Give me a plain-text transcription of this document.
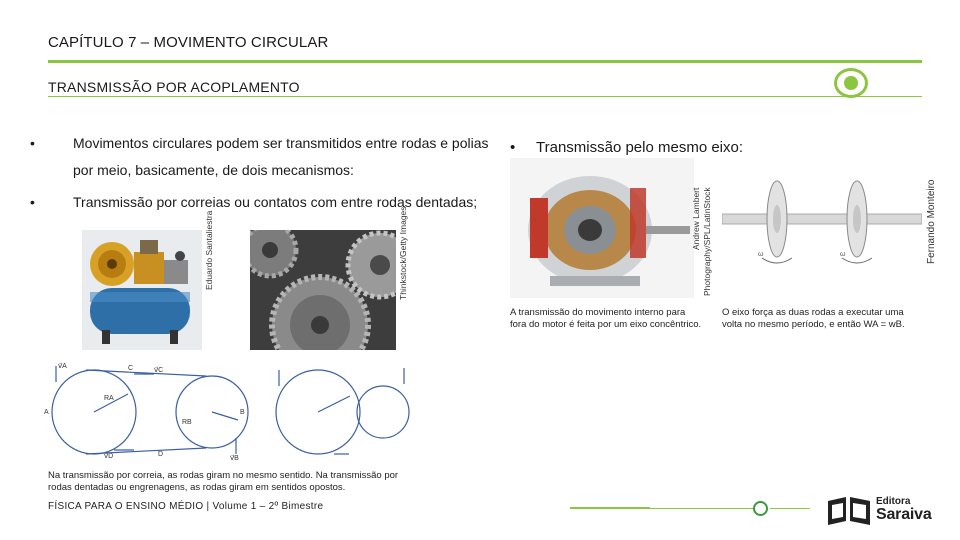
CAPÍTULO 7 – MOVIMENTO CIRCULAR
TRANSMISSÃO POR ACOPLAMENTO
•	Movimentos circulares podem ser transmitidos entre rodas e polias por meio, basicamente, de dois mecanismos:
•	Transmissão por correias ou contatos com entre rodas dentadas;
• Transmissão pelo mesmo eixo:
Eduardo Santaliestra	Thinkstock/Getty Images
v⃗A	C	v⃗C
A
RA
RB
B
v⃗D	D
v⃗B
Na transmissão por correia, as rodas giram no mesmo sentido. Na transmissão por rodas dentadas ou engrenagens, as rodas giram em sentidos opostos.
Andrew Lambert Photography/SPL/LatinStock	ω	ω	Fernando Monteiro
A transmissão do movimento interno para fora do motor é feita por um eixo concêntrico.
O eixo força as duas rodas a executar uma volta no mesmo período, e então WA = wB.
FÍSICA PARA O ENSINO MÉDIO | Volume 1 – 2º Bimestre	Editora
Saraiva
